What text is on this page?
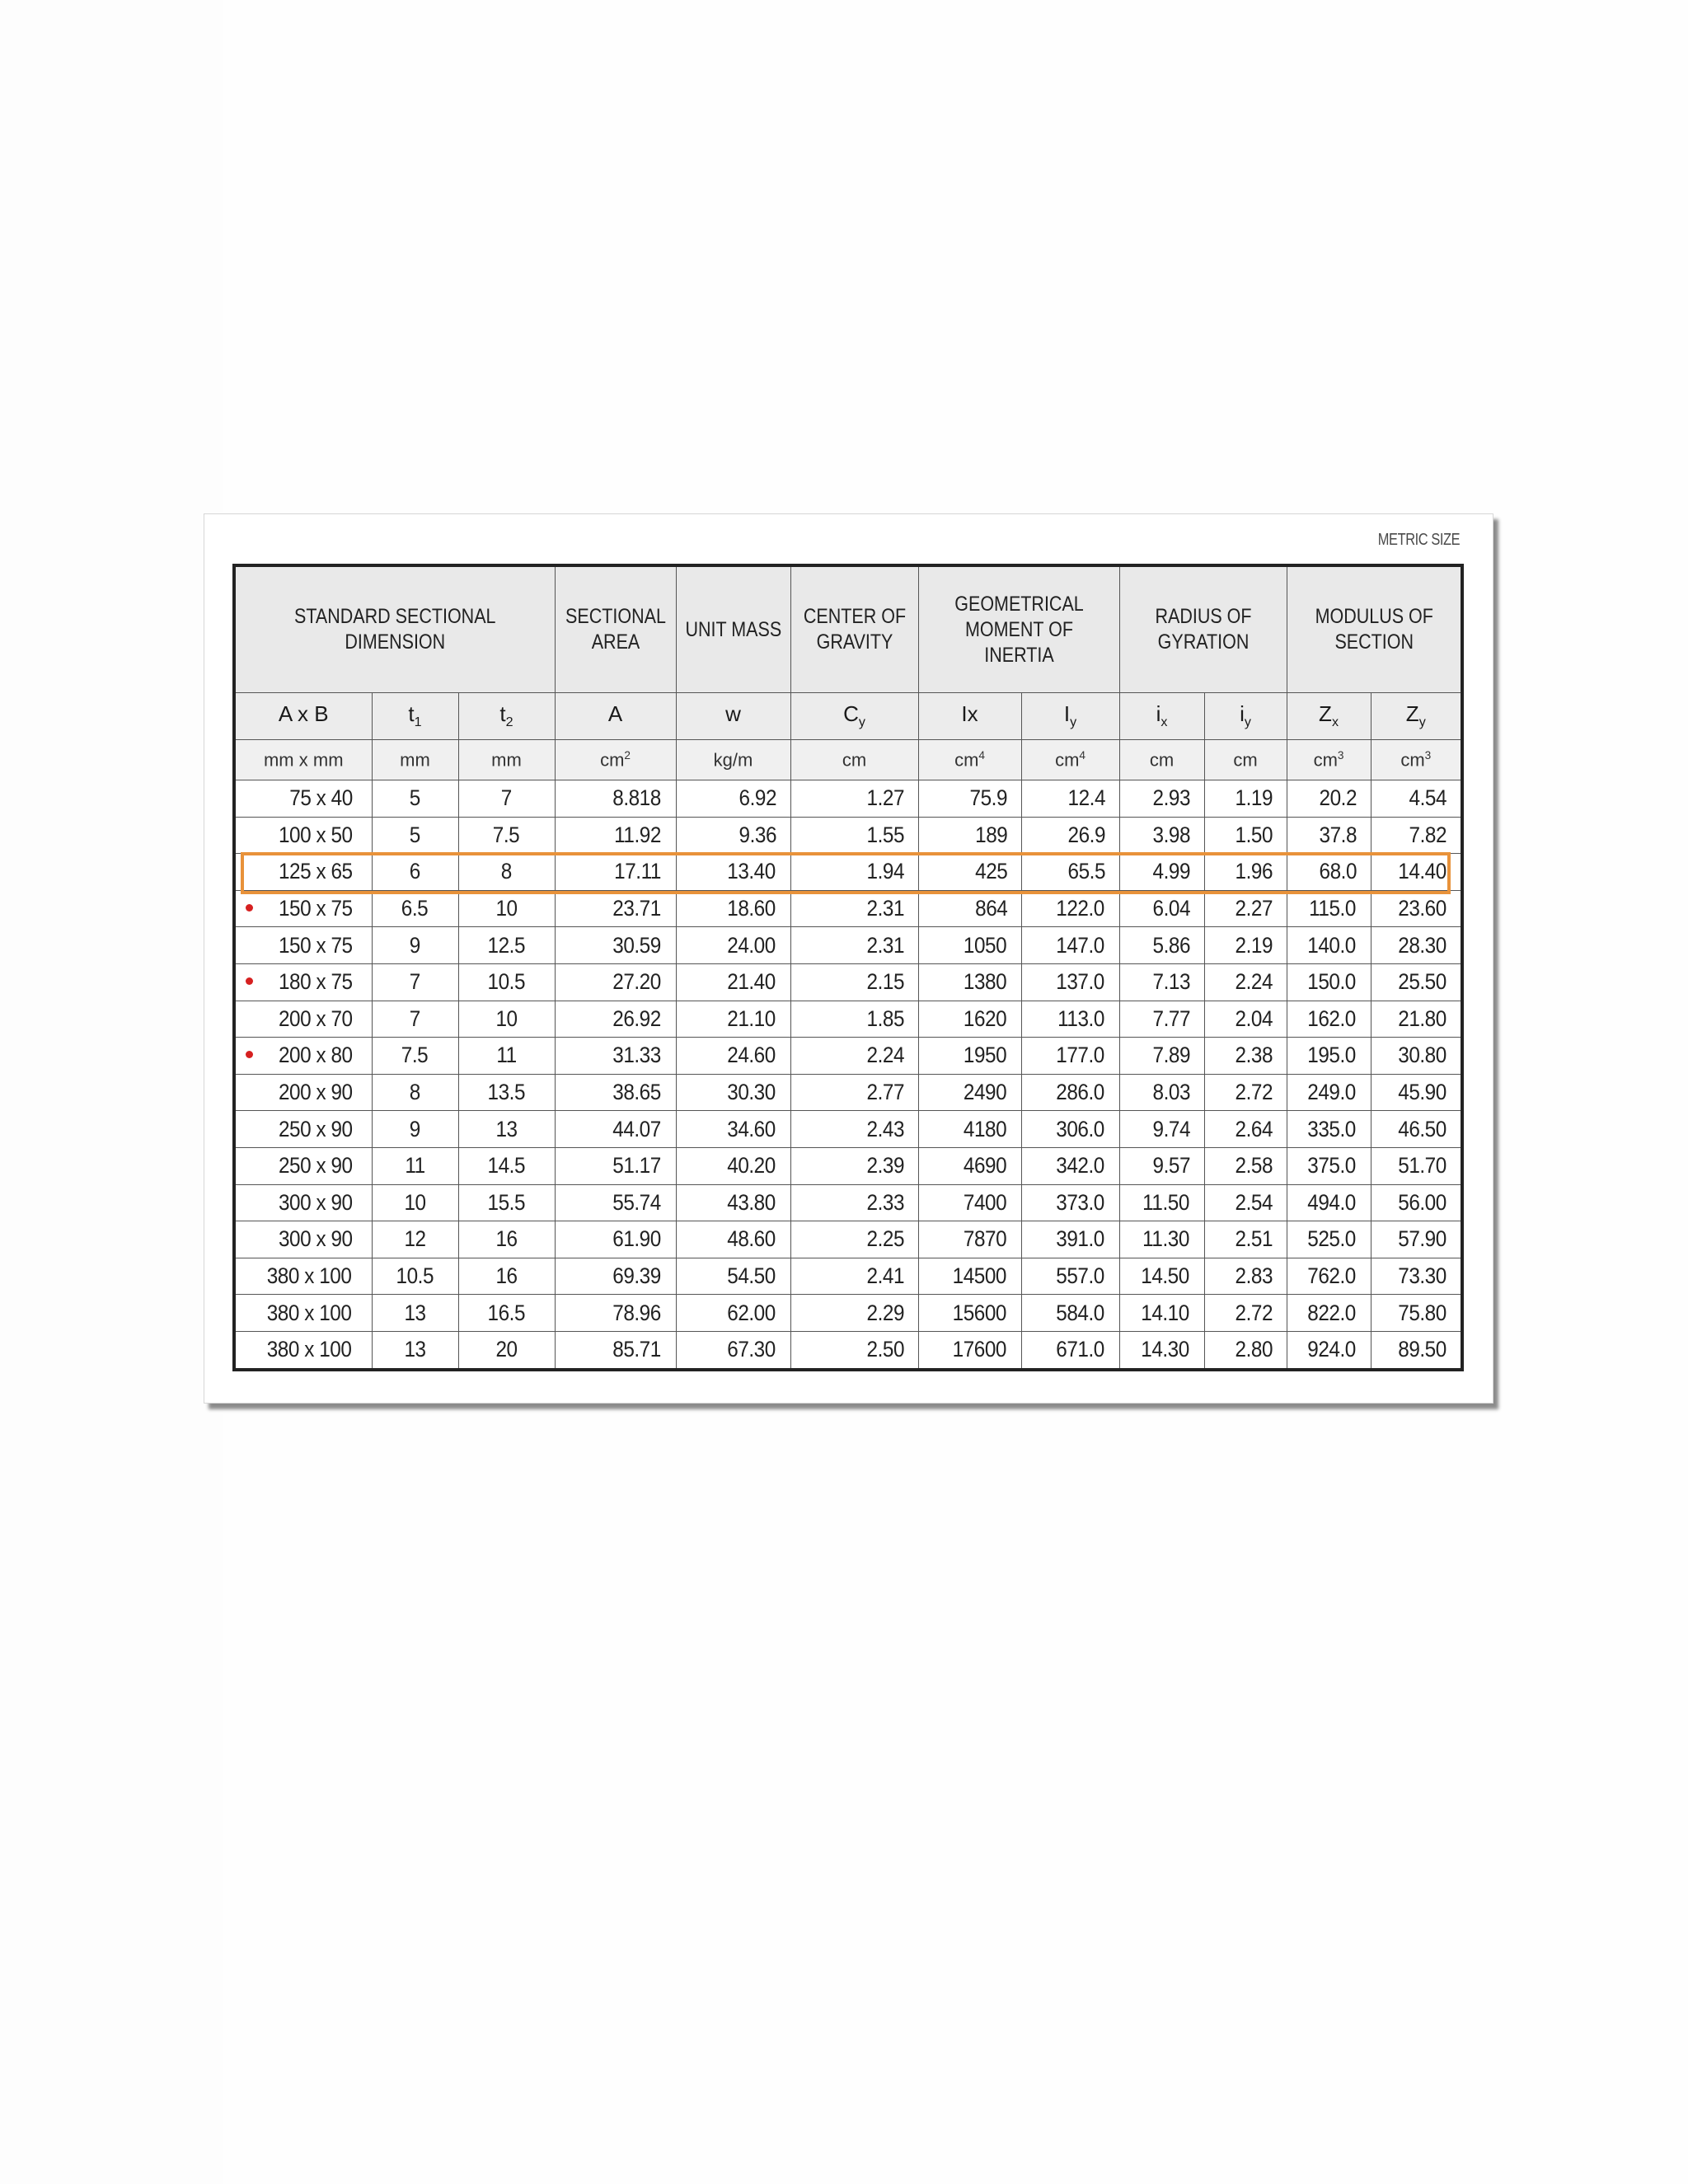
METRIC SIZE
STANDARD SECTIONAL DIMENSION			SECTIONAL AREA	UNIT MASS	CENTER OF GRAVITY	GEOMETRICAL MOMENT OF INERTIA		RADIUS OF GYRATION		MODULUS OF SECTION	
A x B	$t_1$	$t_2$	A	w	$C_y$	Ix	$I_y$	$i_x$	$i_y$	$Z_x$	$Z_y$
mm x mm	mm	mm	$cm^2$	kg/m	cm	$cm^4$	$cm^4$	cm	cm	$cm^3$	$cm^3$
75 x 40	5	7	8.818	6.92	1.27	75.9	12.4	2.93	1.19	20.2	4.54
100 x 50	5	7.5	11.92	9.36	1.55	189	26.9	3.98	1.50	37.8	7.82
125 x 65	6	8	17.11	13.40	1.94	425	65.5	4.99	1.96	68.0	14.40

150 x 75	6.5	10	23.71	18.60	2.31	864	122.0	6.04	2.27	115.0	23.60
150 x 75	9	12.5	30.59	24.00	2.31	1050	147.0	5.86	2.19	140.0	28.30

180 x 75	7	10.5	27.20	21.40	2.15	1380	137.0	7.13	2.24	150.0	25.50
200 x 70	7	10	26.92	21.10	1.85	1620	113.0	7.77	2.04	162.0	21.80

200 x 80	7.5	11	31.33	24.60	2.24	1950	177.0	7.89	2.38	195.0	30.80
200 x 90	8	13.5	38.65	30.30	2.77	2490	286.0	8.03	2.72	249.0	45.90
250 x 90	9	13	44.07	34.60	2.43	4180	306.0	9.74	2.64	335.0	46.50
250 x 90	11	14.5	51.17	40.20	2.39	4690	342.0	9.57	2.58	375.0	51.70
300 x 90	10	15.5	55.74	43.80	2.33	7400	373.0	11.50	2.54	494.0	56.00
300 x 90	12	16	61.90	48.60	2.25	7870	391.0	11.30	2.51	525.0	57.90
380 x 100	10.5	16	69.39	54.50	2.41	14500	557.0	14.50	2.83	762.0	73.30
380 x 100	13	16.5	78.96	62.00	2.29	15600	584.0	14.10	2.72	822.0	75.80
380 x 100	13	20	85.71	67.30	2.50	17600	671.0	14.30	2.80	924.0	89.50
